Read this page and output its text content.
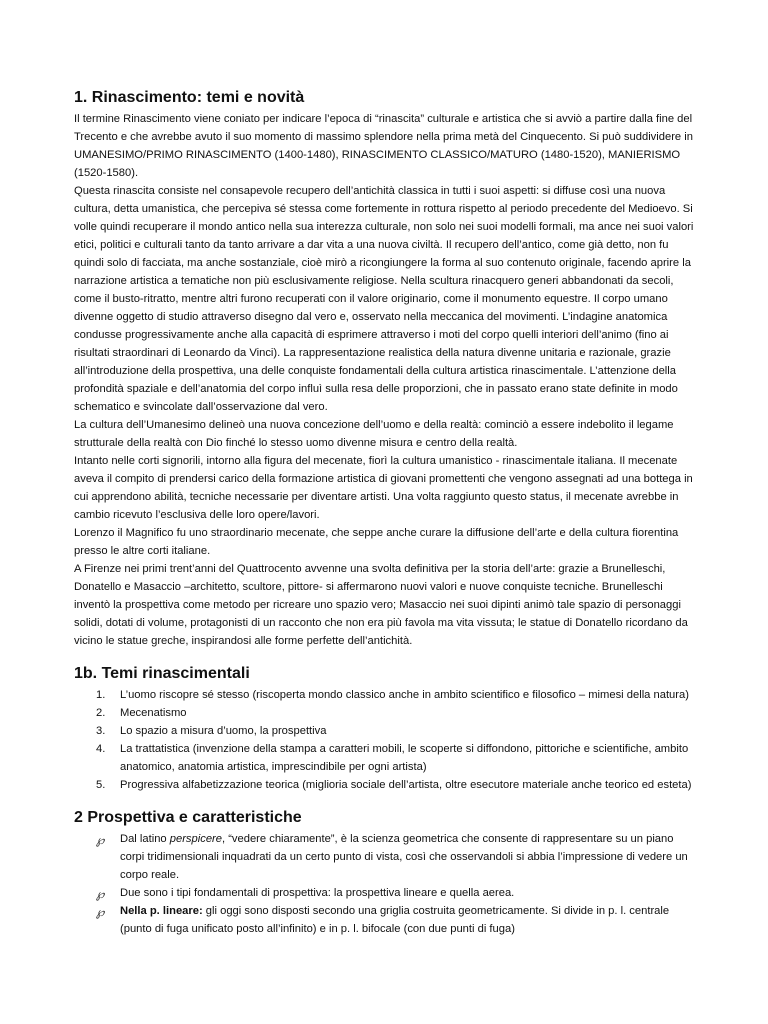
1. Rinascimento: temi e novità

Il termine Rinascimento viene coniato per indicare l’epoca di “rinascita” culturale e artistica che si avviò a partire dalla fine del Trecento e che avrebbe avuto il suo momento di massimo splendore nella prima metà del Cinquecento. Si può suddividere in UMANESIMO/PRIMO RINASCIMENTO (1400-1480), RINASCIMENTO CLASSICO/MATURO (1480-1520), MANIERISMO (1520-1580).

Questa rinascita consiste nel consapevole recupero dell’antichità classica in tutti i suoi aspetti: si diffuse così una nuova cultura, detta umanistica, che percepiva sé stessa come fortemente in rottura rispetto al periodo precedente del Medioevo. Si volle quindi recuperare il mondo antico nella sua interezza culturale, non solo nei suoi modelli formali, ma ance nei suoi valori etici, politici e culturali tanto da tanto arrivare a dar vita a una nuova civiltà. Il recupero dell’antico, come già detto, non fu quindi solo di facciata, ma anche sostanziale, cioè mirò a ricongiungere la forma al suo contenuto originale, facendo aprire la narrazione artistica a tematiche non più esclusivamente religiose. Nella scultura rinacquero generi abbandonati da secoli, come il busto-ritratto, mentre altri furono recuperati con il valore originario, come il monumento equestre. Il corpo umano divenne oggetto di studio attraverso disegno dal vero e, osservato nella meccanica del movimenti. L’indagine anatomica condusse progressivamente anche alla capacità di esprimere attraverso i moti del corpo quelli interiori dell’animo (fino ai risultati straordinari di Leonardo da Vinci). La rappresentazione realistica della natura divenne unitaria e razionale, grazie all’introduzione della prospettiva, una delle conquiste fondamentali della cultura artistica rinascimentale. L’attenzione della profondità spaziale e dell’anatomia del corpo influì sulla resa delle proporzioni, che in passato erano state definite in modo schematico e svincolate dall’osservazione dal vero.

La cultura dell’Umanesimo delineò una nuova concezione dell’uomo e della realtà: cominciò a essere indebolito il legame strutturale della realtà con Dio finché lo stesso uomo divenne misura e centro della realtà.

Intanto nelle corti signorili, intorno alla figura del mecenate, fiorì la cultura umanistico - rinascimentale italiana. Il mecenate aveva il compito di prendersi carico della formazione artistica di giovani promettenti che vengono assegnati ad una bottega in cui apprendono abilità, tecniche necessarie per diventare artisti. Una volta raggiunto questo status, il mecenate avrebbe in cambio ricevuto l’esclusiva delle loro opere/lavori.

Lorenzo il Magnifico fu uno straordinario mecenate, che seppe anche curare la diffusione dell’arte e della cultura fiorentina presso le altre corti italiane.

A Firenze nei primi trent’anni del Quattrocento avvenne una svolta definitiva per la storia dell’arte: grazie a Brunelleschi, Donatello e Masaccio –architetto, scultore, pittore- si affermarono nuovi valori e nuove conquiste tecniche. Brunelleschi inventò la prospettiva come metodo per ricreare uno spazio vero; Masaccio nei suoi dipinti animò tale spazio di personaggi solidi, dotati di volume, protagonisti di un racconto che non era più favola ma vita vissuta; le statue di Donatello ricordano da vicino le statue greche, inspirandosi alle forme perfette dell’antichità.

1b. Temi rinascimentali
1. L’uomo riscopre sé stesso (riscoperta mondo classico anche in ambito scientifico e filosofico – mimesi della natura)
2. Mecenatismo
3. Lo spazio a misura d’uomo, la prospettiva
4. La trattatistica (invenzione della stampa a caratteri mobili, le scoperte si diffondono, pittoriche e scientifiche, ambito anatomico, anatomia artistica, imprescindibile per ogni artista)
5. Progressiva alfabetizzazione teorica (miglioria sociale dell’artista, oltre esecutore materiale anche teorico ed esteta)
2 Prospettiva e caratteristiche
℘ Dal latino perspicere, “vedere chiaramente”, è la scienza geometrica che consente di rappresentare su un piano corpi tridimensionali inquadrati da un certo punto di vista, così che osservandoli si abbia l’impressione di vedere un corpo reale.
℘ Due sono i tipi fondamentali di prospettiva: la prospettiva lineare e quella aerea.
℘ Nella p. lineare: gli oggi sono disposti secondo una griglia costruita geometricamente. Si divide in p. l. centrale (punto di fuga unificato posto all’infinito) e in p. l. bifocale (con due punti di fuga)
